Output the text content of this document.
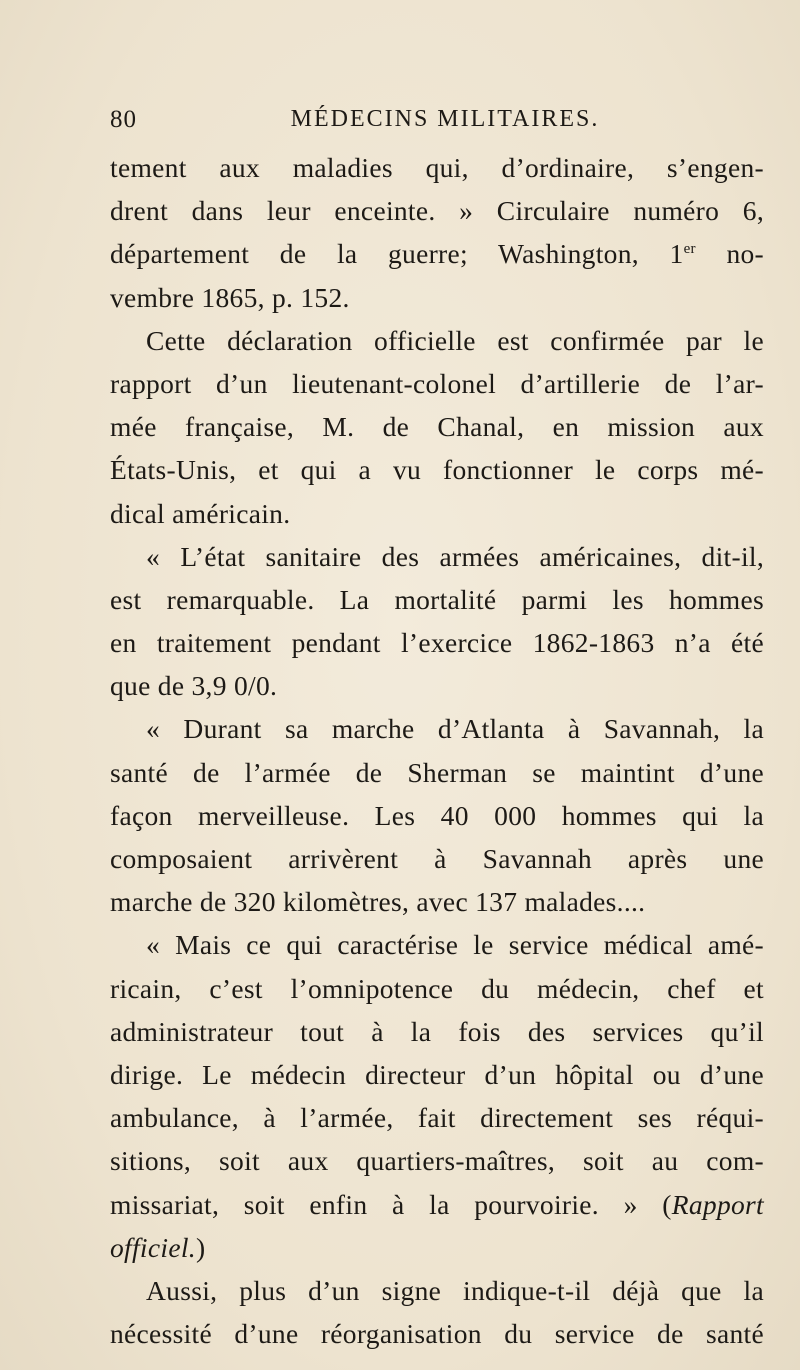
80	MÉDECINS MILITAIRES.
tement aux maladies qui, d’ordinaire, s’engen-
drent dans leur enceinte. » Circulaire numéro 6,
département de la guerre; Washington, 1er no-
vembre 1865, p. 152.
Cette déclaration officielle est confirmée par le
rapport d’un lieutenant-colonel d’artillerie de l’ar-
mée française, M. de Chanal, en mission aux
États-Unis, et qui a vu fonctionner le corps mé-
dical américain.
« L’état sanitaire des armées américaines, dit-il,
est remarquable. La mortalité parmi les hommes
en traitement pendant l’exercice 1862-1863 n’a été
que de 3,9 0/0.
« Durant sa marche d’Atlanta à Savannah, la
santé de l’armée de Sherman se maintint d’une
façon merveilleuse. Les 40 000 hommes qui la
composaient arrivèrent à Savannah après une
marche de 320 kilomètres, avec 137 malades....
« Mais ce qui caractérise le service médical amé-
ricain, c’est l’omnipotence du médecin, chef et
administrateur tout à la fois des services qu’il
dirige. Le médecin directeur d’un hôpital ou d’une
ambulance, à l’armée, fait directement ses réqui-
sitions, soit aux quartiers-maîtres, soit au com-
missariat, soit enfin à la pourvoirie. » (Rapport
officiel.)
Aussi, plus d’un signe indique-t-il déjà que la
nécessité d’une réorganisation du service de santé
